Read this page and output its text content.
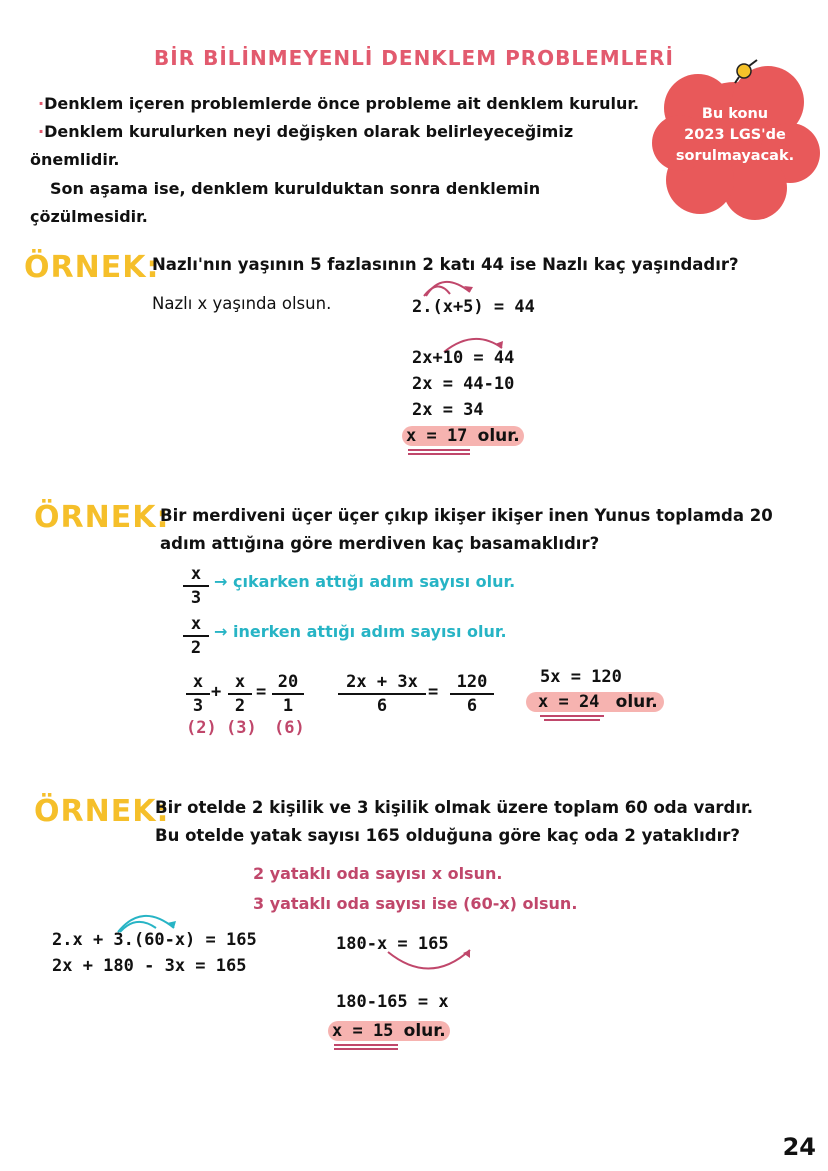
BİR BİLİNMEYENLİ DENKLEM PROBLEMLERİ
·Denklem içeren problemlerde önce probleme ait denklem kurulur.
·Denklem kurulurken neyi değişken olarak belirleyeceğimiz
önemlidir.
Son aşama ise, denklem kurulduktan sonra denklemin
çözülmesidir.
Bu konu
2023 LGS'de
sorulmayacak.
ÖRNEK:
Nazlı'nın yaşının 5 fazlasının 2 katı 44 ise Nazlı kaç yaşındadır?
Nazlı x yaşında olsun.	2.(x+5) = 44
2x+10 = 44
2x = 44-10
2x = 34
x = 17 olur.
ÖRNEK:
Bir merdiveni üçer üçer çıkıp ikişer ikişer inen Yunus toplamda 20
adım attığına göre merdiven kaç basamaklıdır?
$\frac{x}{3}$ → çıkarken attığı adım sayısı olur.
$\frac{x}{2}$ → inerken attığı adım sayısı olur.
$\frac{x}{3} + \frac{x}{2} = \frac{20}{1}$
(2) (3) (6)
$\frac{2x + 3x}{6} = \frac{120}{6}$	5x = 120
x = 24 olur.
ÖRNEK:
Bir otelde 2 kişilik ve 3 kişilik olmak üzere toplam 60 oda vardır.
Bu otelde yatak sayısı 165 olduğuna göre kaç oda 2 yataklıdır?
2 yataklı oda sayısı x olsun.
3 yataklı oda sayısı ise (60-x) olsun.
2.x + 3.(60-x) = 165
2x + 180 - 3x = 165
180-x = 165
180-165 = x
x = 15 olur.
24
